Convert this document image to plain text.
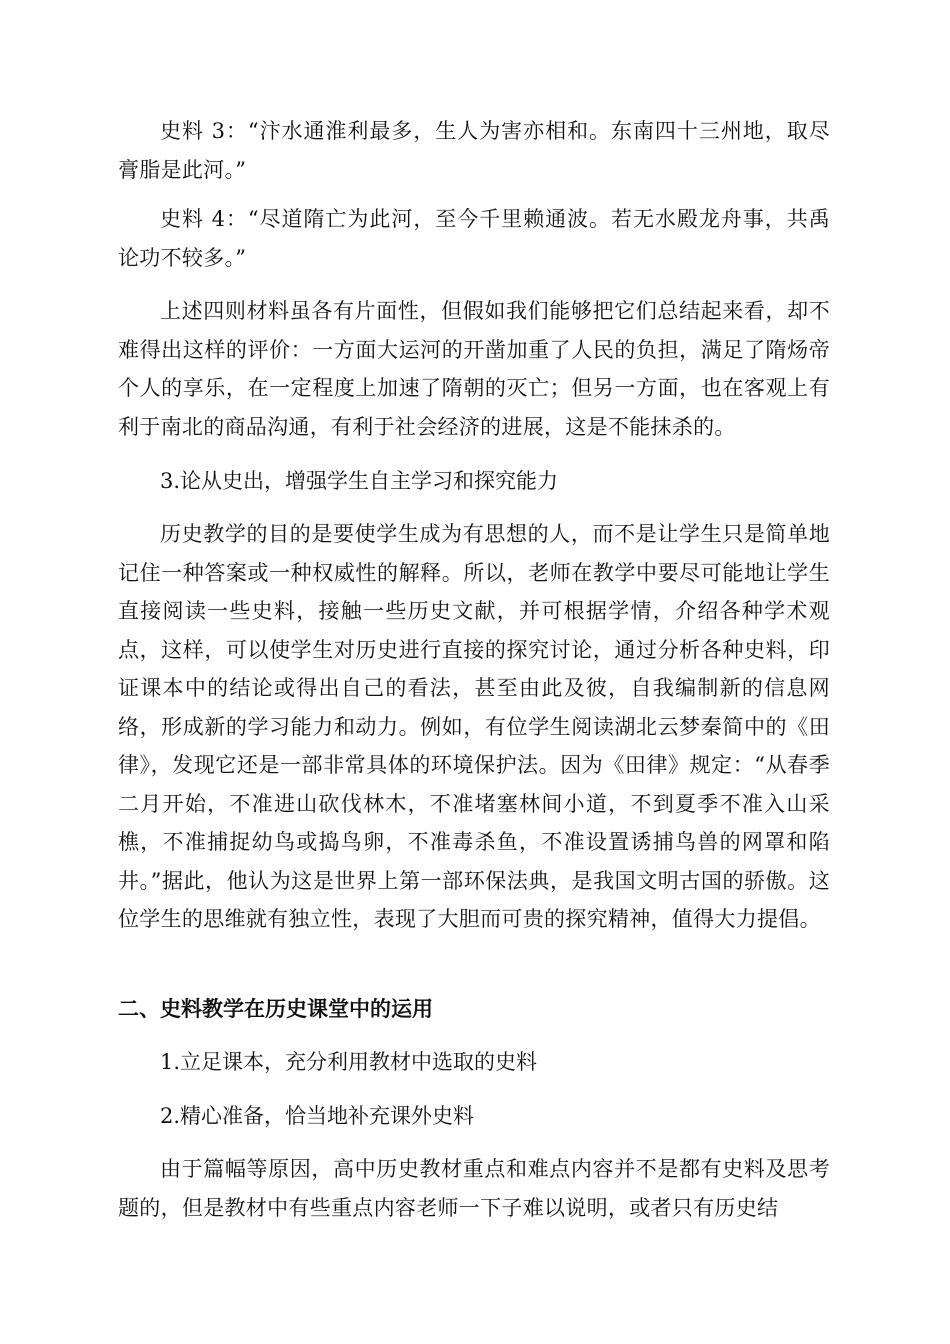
史料 3：“汴水通淮利最多，生人为害亦相和。东南四十三州地，取尽膏脂是此河。”

史料 4：“尽道隋亡为此河，至今千里赖通波。若无水殿龙舟事，共禹论功不较多。”

上述四则材料虽各有片面性，但假如我们能够把它们总结起来看，却不难得出这样的评价：一方面大运河的开凿加重了人民的负担，满足了隋炀帝个人的享乐，在一定程度上加速了隋朝的灭亡；但另一方面，也在客观上有利于南北的商品沟通，有利于社会经济的进展，这是不能抹杀的。

3.论从史出，增强学生自主学习和探究能力

历史教学的目的是要使学生成为有思想的人，而不是让学生只是简单地记住一种答案或一种权威性的解释。所以，老师在教学中要尽可能地让学生直接阅读一些史料，接触一些历史文献，并可根据学情，介绍各种学术观点，这样，可以使学生对历史进行直接的探究讨论，通过分析各种史料，印证课本中的结论或得出自己的看法，甚至由此及彼，自我编制新的信息网络，形成新的学习能力和动力。例如，有位学生阅读湖北云梦秦简中的《田律》，发现它还是一部非常具体的环境保护法。因为《田律》规定：“从春季二月开始，不准进山砍伐林木，不准堵塞林间小道，不到夏季不准入山采樵，不准捕捉幼鸟或捣鸟卵，不准毒杀鱼，不准设置诱捕鸟兽的网罩和陷井。”据此，他认为这是世界上第一部环保法典，是我国文明古国的骄傲。这位学生的思维就有独立性，表现了大胆而可贵的探究精神，值得大力提倡。

二、史料教学在历史课堂中的运用

1.立足课本，充分利用教材中选取的史料

2.精心准备，恰当地补充课外史料

由于篇幅等原因，高中历史教材重点和难点内容并不是都有史料及思考题的，但是教材中有些重点内容老师一下子难以说明，或者只有历史结
